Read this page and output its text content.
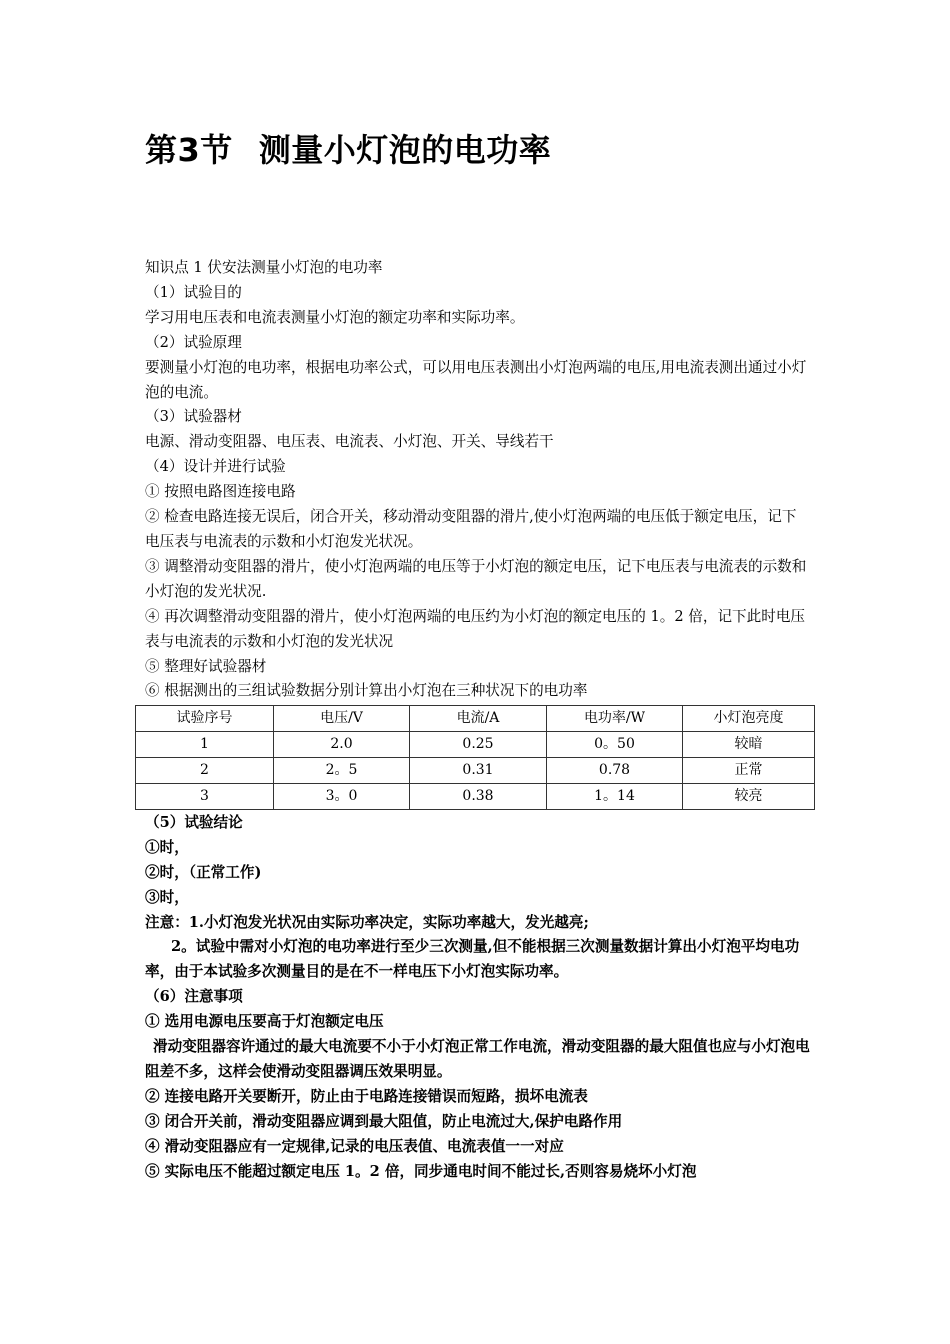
第3节 测量小灯泡的电功率

知识点 1 伏安法测量小灯泡的电功率

（1）试验目的

学习用电压表和电流表测量小灯泡的额定功率和实际功率。

（2）试验原理

要测量小灯泡的电功率，根据电功率公式，可以用电压表测出小灯泡两端的电压,用电流表测出通过小灯泡的电流。

（3）试验器材

电源、滑动变阻器、电压表、电流表、小灯泡、开关、导线若干

（4）设计并进行试验

① 按照电路图连接电路

② 检查电路连接无误后，闭合开关，移动滑动变阻器的滑片,使小灯泡两端的电压低于额定电压，记下电压表与电流表的示数和小灯泡发光状况。

③ 调整滑动变阻器的滑片，使小灯泡两端的电压等于小灯泡的额定电压，记下电压表与电流表的示数和小灯泡的发光状况.

④ 再次调整滑动变阻器的滑片，使小灯泡两端的电压约为小灯泡的额定电压的 1。2 倍，记下此时电压表与电流表的示数和小灯泡的发光状况

⑤ 整理好试验器材

⑥ 根据测出的三组试验数据分别计算出小灯泡在三种状况下的电功率

试验序号	电压/V	电流/A	电功率/W	小灯泡亮度
1	2.0	0.25	0。50	较暗
2	2。5	0.31	0.78	正常
3	3。0	0.38	1。14	较亮

（5）试验结论

①时，

②时，（正常工作)

③时，

注意：1.小灯泡发光状况由实际功率决定，实际功率越大，发光越亮;

2。试验中需对小灯泡的电功率进行至少三次测量,但不能根据三次测量数据计算出小灯泡平均电功率，由于本试验多次测量目的是在不一样电压下小灯泡实际功率。

（6）注意事项

① 选用电源电压要高于灯泡额定电压

滑动变阻器容许通过的最大电流要不小于小灯泡正常工作电流，滑动变阻器的最大阻值也应与小灯泡电阻差不多，这样会使滑动变阻器调压效果明显。

② 连接电路开关要断开，防止由于电路连接错误而短路，损坏电流表

③ 闭合开关前，滑动变阻器应调到最大阻值，防止电流过大,保护电路作用

④ 滑动变阻器应有一定规律,记录的电压表值、电流表值一一对应

⑤ 实际电压不能超过额定电压 1。2 倍，同步通电时间不能过长,否则容易烧坏小灯泡
